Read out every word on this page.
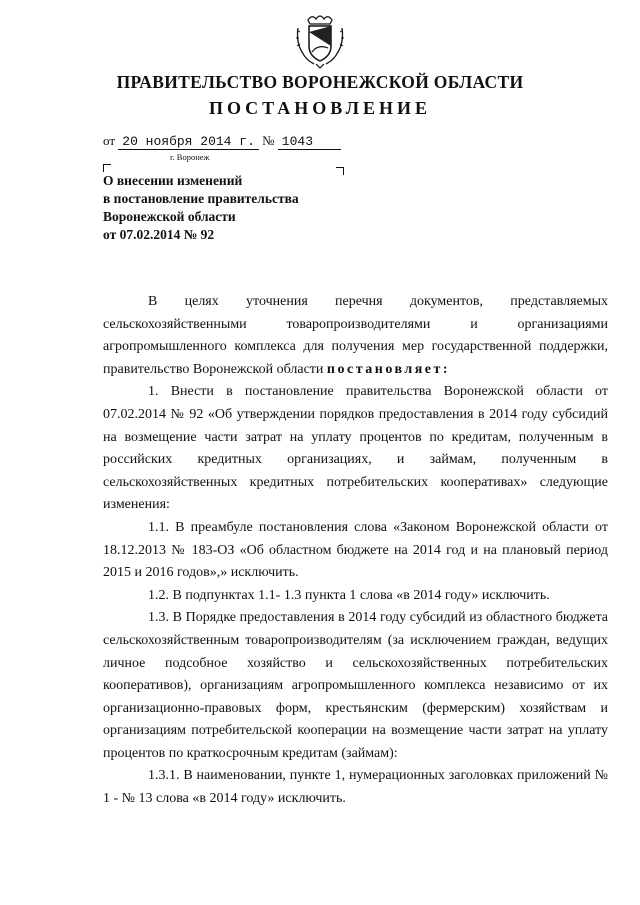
ПРАВИТЕЛЬСТВО ВОРОНЕЖСКОЙ ОБЛАСТИ
ПОСТАНОВЛЕНИЕ
от 20 ноября 2014 г. № 1043
г. Воронеж
О внесении изменений
в постановление правительства
Воронежской области
от 07.02.2014 № 92

В целях уточнения перечня документов, представляемых сельскохозяйственными товаропроизводителями и организациями агропромышленного комплекса для получения мер государственной поддержки, правительство Воронежской области постановляет:

1. Внести в постановление правительства Воронежской области от 07.02.2014 № 92 «Об утверждении порядков предоставления в 2014 году субсидий на возмещение части затрат на уплату процентов по кредитам, полученным в российских кредитных организациях, и займам, полученным в сельскохозяйственных кредитных потребительских кооперативах» следующие изменения:

1.1. В преамбуле постановления слова «Законом Воронежской области от 18.12.2013 № 183-ОЗ «Об областном бюджете на 2014 год и на плановый период 2015 и 2016 годов»,» исключить.

1.2. В подпунктах 1.1- 1.3 пункта 1 слова «в 2014 году» исключить.

1.3. В Порядке предоставления в 2014 году субсидий из областного бюджета сельскохозяйственным товаропроизводителям (за исключением граждан, ведущих личное подсобное хозяйство и сельскохозяйственных потребительских кооперативов), организациям агропромышленного комплекса независимо от их организационно-правовых форм, крестьянским (фермерским) хозяйствам и организациям потребительской кооперации на возмещение части затрат на уплату процентов по краткосрочным кредитам (займам):

1.3.1. В наименовании, пункте 1, нумерационных заголовках приложений № 1 - № 13 слова «в 2014 году» исключить.
